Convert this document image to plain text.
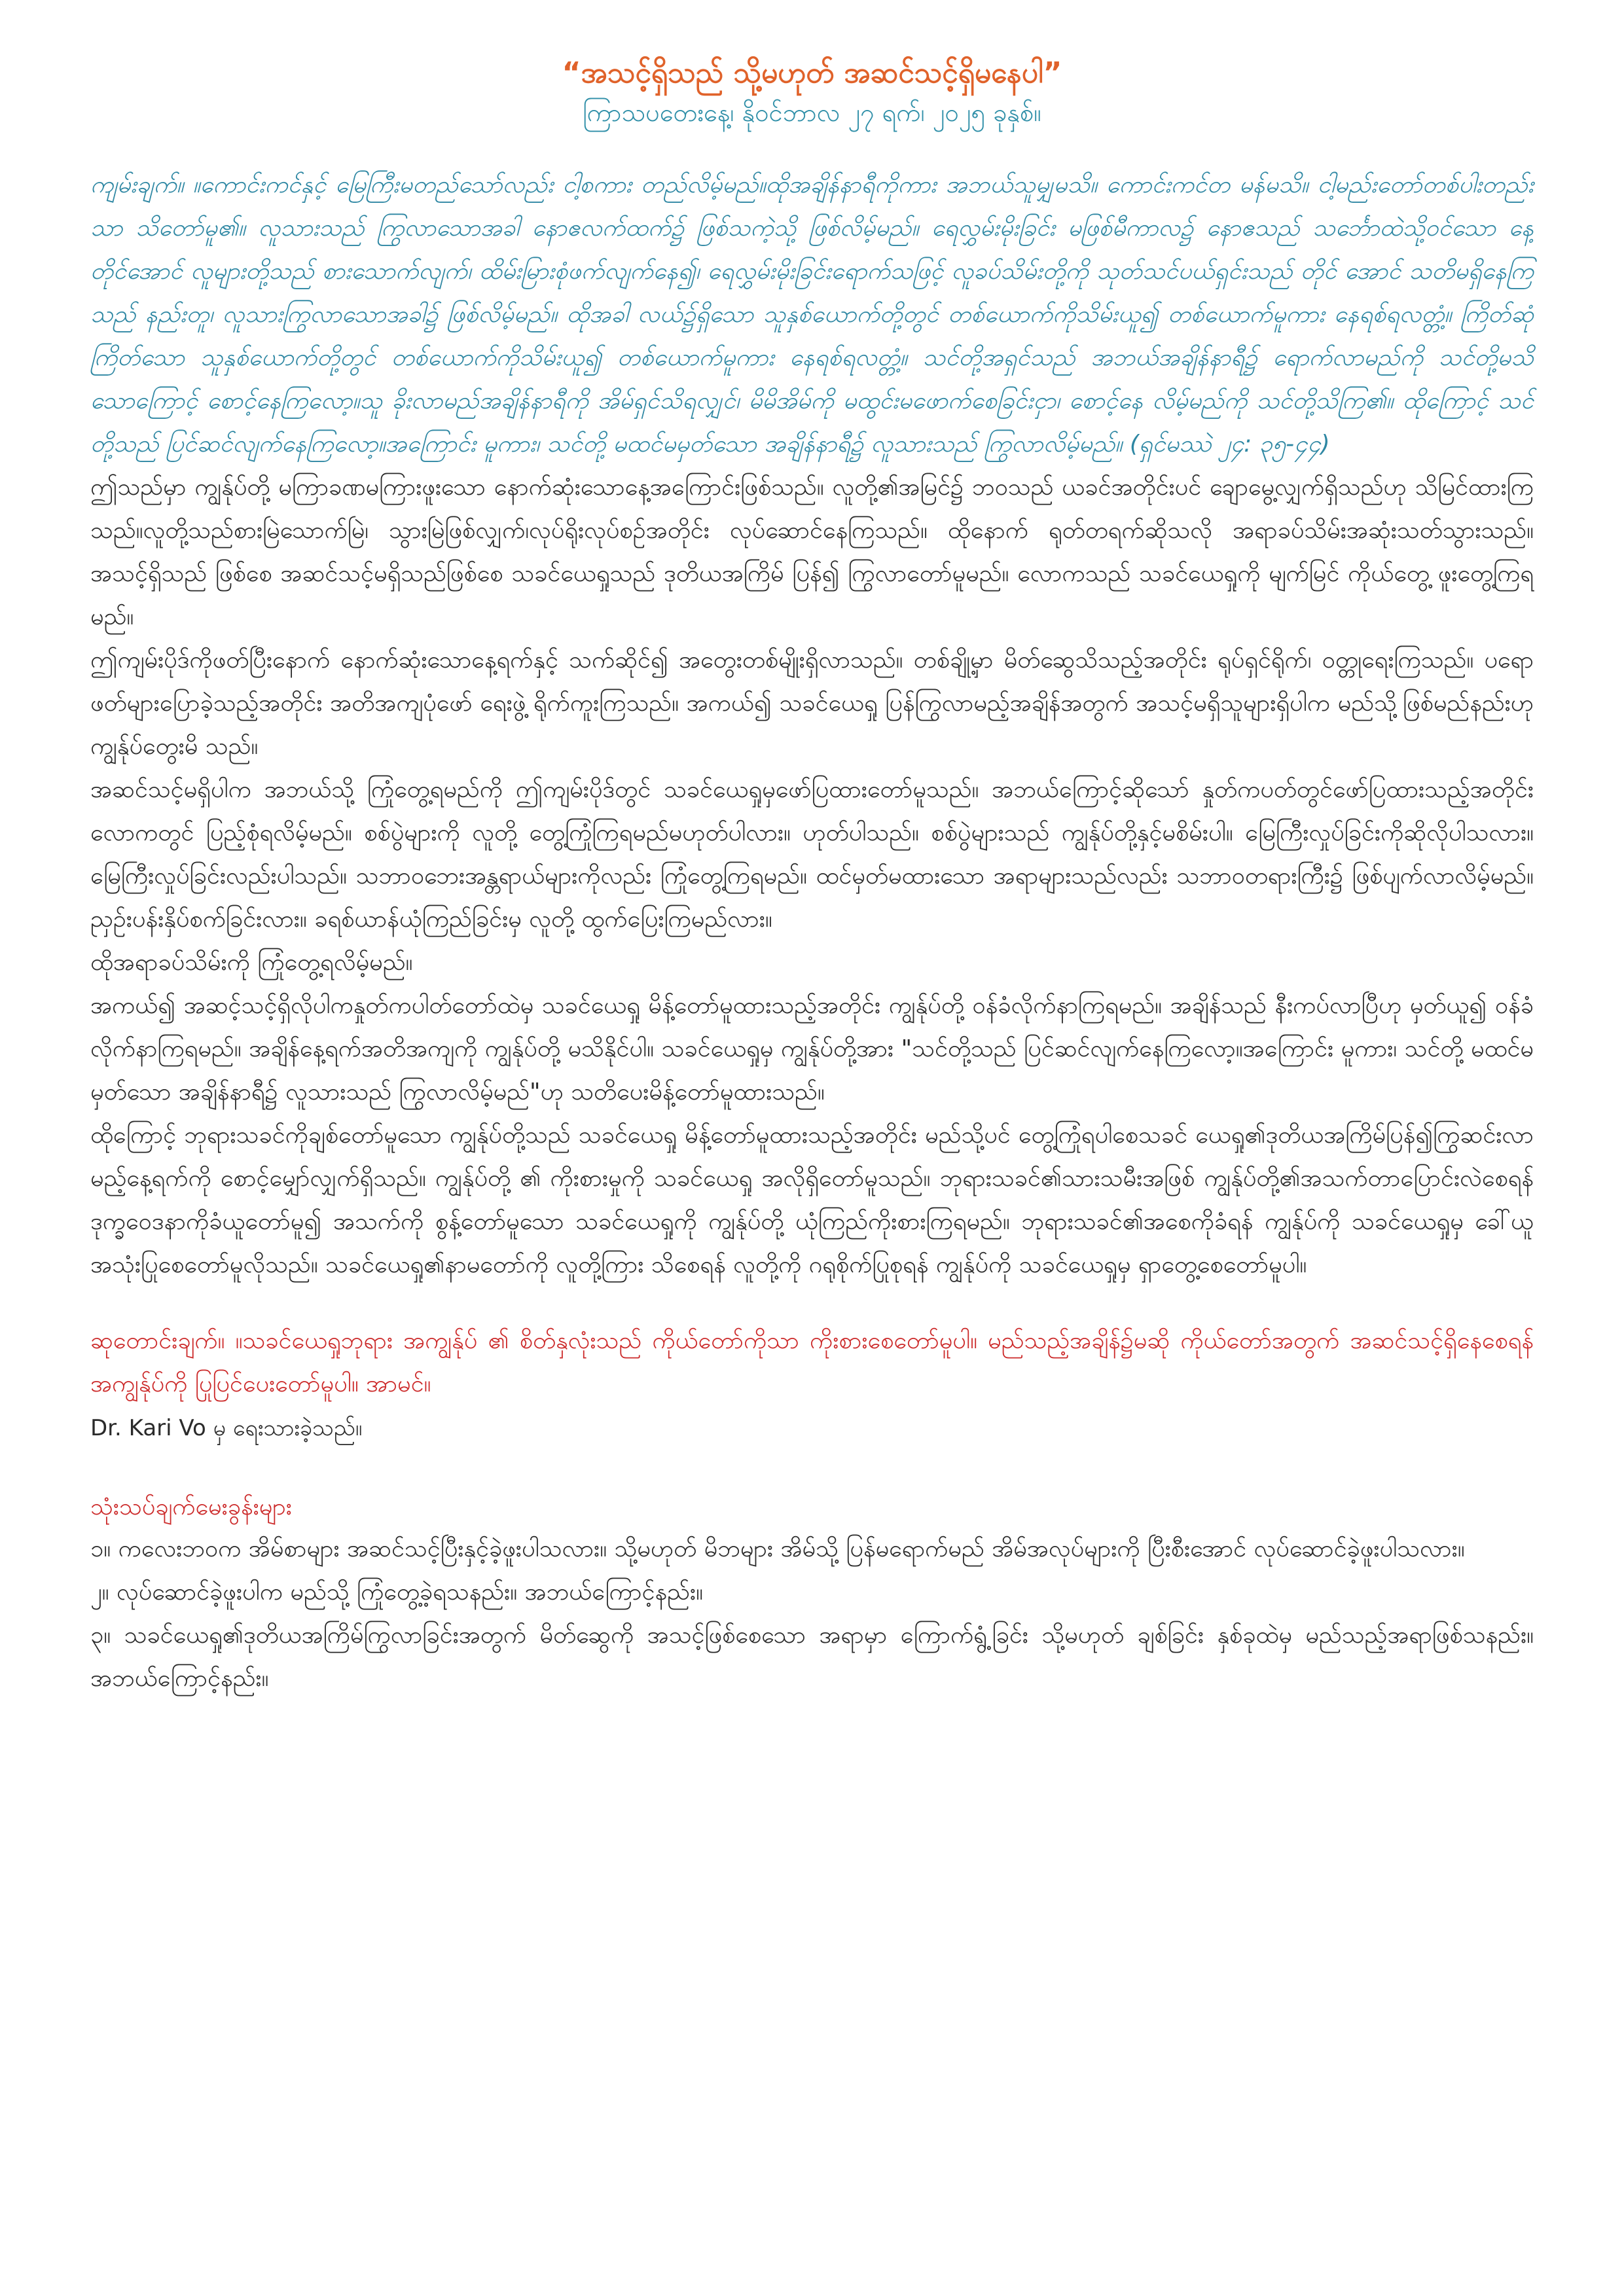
“အသင့်ရှိသည် သို့မဟုတ် အဆင်သင့်ရှိမနေပါ”

ကြာသပတေးနေ့၊ နိုဝင်ဘာလ ၂၇ ရက်၊ ၂၀၂၅ ခုနှစ်။

ကျမ်းချက်။ ။ကောင်းကင်နှင့် မြေကြီးမတည်သော်လည်း ငါ့စကား တည်လိမ့်မည်။ထိုအချိန်နာရီကိုကား အဘယ်သူမျှမသိ။ ကောင်းကင်တ မန်မသိ။ ငါ့မည်းတော်တစ်ပါးတည်းသာ သိတော်မူ၏။ လူသားသည် ကြွလာသောအခါ နောဧလက်ထက်၌ ဖြစ်သကဲ့သို့ ဖြစ်လိမ့်မည်။ ရေလွှမ်းမိုးခြင်း မဖြစ်မီကာလ၌ နောဧသည် သင်္ဘောထဲသို့ဝင်သော နေ့တိုင်အောင် လူများတို့သည် စားသောက်လျက်၊ ထိမ်းမြားစုံဖက်လျက်နေ၍၊ ရေလွှမ်းမိုးခြင်းရောက်သဖြင့် လူခပ်သိမ်းတို့ကို သုတ်သင်ပယ်ရှင်းသည် တိုင် အောင် သတိမရှိနေကြသည် နည်းတူ၊ လူသားကြွလာသောအခါ၌ ဖြစ်လိမ့်မည်။ ထိုအခါ လယ်၌ရှိသော သူနှစ်ယောက်တို့တွင် တစ်ယောက်ကိုသိမ်းယူ၍ တစ်ယောက်မူကား နေရစ်ရလတ္တံ့။ ကြိတ်ဆုံကြိတ်သော သူနှစ်ယောက်တို့တွင် တစ်ယောက်ကိုသိမ်းယူ၍ တစ်ယောက်မူကား နေရစ်ရလတ္တံ့။ သင်တို့အရှင်သည် အဘယ်အချိန်နာရီ၌ ရောက်လာမည်ကို သင်တို့မသိသောကြောင့် စောင့်နေကြလော့။သူ ခိုးလာမည်အချိန်နာရီကို အိမ်ရှင်သိရလျှင်၊ မိမိအိမ်ကို မထွင်းမဖောက်စေခြင်းငှာ၊ စောင့်နေ လိမ့်မည်ကို သင်တို့သိကြ၏။ ထိုကြောင့် သင်တို့သည် ပြင်ဆင်လျက်နေကြလော့။အကြောင်း မူကား၊ သင်တို့ မထင်မမှတ်သော အချိန်နာရီ၌ လူသားသည် ကြွလာလိမ့်မည်။ (ရှင်မဿဲ ၂၄: ၃၅-၄၄)

ဤသည်မှာ ကျွန်ုပ်တို့ မကြာခဏမကြားဖူးသော နောက်ဆုံးသောနေ့အကြောင်းဖြစ်သည်။ လူတို့၏အမြင်၌ ဘဝသည် ယခင်အတိုင်းပင် ချောမွေ့လျှက်ရှိသည်ဟု သိမြင်ထားကြသည်။လူတို့သည်စားမြဲသောက်မြဲ၊ သွားမြဲဖြစ်လျှက်၊လုပ်ရိုးလုပ်စဉ်အတိုင်း လုပ်ဆောင်နေကြသည်။ ထိုနောက် ရုတ်တရက်ဆိုသလို အရာခပ်သိမ်းအဆုံးသတ်သွားသည်။ အသင့်ရှိသည် ဖြစ်စေ အဆင်သင့်မရှိသည်ဖြစ်စေ သခင်ယေရှုသည် ဒုတိယအကြိမ် ပြန်၍ ကြွလာတော်မူမည်။ လောကသည် သခင်ယေရှုကို မျက်မြင် ကိုယ်တွေ့ ဖူးတွေ့ကြရမည်။

ဤကျမ်းပိုဒ်ကိုဖတ်ပြီးနောက် နောက်ဆုံးသောနေ့ရက်နှင့် သက်ဆိုင်၍ အတွေးတစ်မျိုးရှိလာသည်။ တစ်ချို့မှာ မိတ်ဆွေသိသည့်အတိုင်း ရုပ်ရှင်ရိုက်၊ ဝတ္တုရေးကြသည်။ ပရောဖတ်များပြောခဲ့သည့်အတိုင်း အတိအကျပုံဖော် ရေးဖွဲ့ ရိုက်ကူးကြသည်။ အကယ်၍ သခင်ယေရှု ပြန်ကြွလာမည့်အချိန်အတွက် အသင့်မရှိသူများရှိပါက မည်သို့ဖြစ်မည်နည်းဟု ကျွန်ုပ်တွေးမိ သည်။

အဆင်သင့်မရှိပါက အဘယ်သို့ ကြုံတွေ့ရမည်ကို ဤကျမ်းပိုဒ်တွင် သခင်ယေရှုမှဖော်ပြထားတော်မူသည်။ အဘယ်ကြောင့်ဆိုသော် နှုတ်ကပတ်တွင်ဖော်ပြထားသည့်အတိုင်း လောကတွင် ပြည့်စုံရလိမ့်မည်။ စစ်ပွဲများကို လူတို့ တွေ့ကြုံကြရမည်မဟုတ်ပါလား။ ဟုတ်ပါသည်။ စစ်ပွဲများသည် ကျွန်ုပ်တို့နှင့်မစိမ်းပါ။ မြေကြီးလှုပ်ခြင်းကိုဆိုလိုပါသလား။ မြေကြီးလှုပ်ခြင်းလည်းပါသည်။ သဘာဝဘေးအန္တရာယ်များကိုလည်း ကြုံတွေ့ကြရမည်။ ထင်မှတ်မထားသော အရာများသည်လည်း သဘာဝတရားကြီး၌ ဖြစ်ပျက်လာလိမ့်မည်။ ညှဉ်းပန်းနှိပ်စက်ခြင်းလား။ ခရစ်ယာန်ယုံကြည်ခြင်းမှ လူတို့ ထွက်ပြေးကြမည်လား။

ထိုအရာခပ်သိမ်းကို ကြုံတွေ့ရလိမ့်မည်။

အကယ်၍ အဆင့်သင့်ရှိလိုပါကနှုတ်ကပါတ်တော်ထဲမှ သခင်ယေရှု မိန့်တော်မူထားသည့်အတိုင်း ကျွန်ုပ်တို့ ဝန်ခံလိုက်နာကြရမည်။ အချိန်သည် နီးကပ်လာပြီဟု မှတ်ယူ၍ ဝန်ခံ လိုက်နာကြရမည်။ အချိန်နေ့ရက်အတိအကျကို ကျွန်ုပ်တို့ မသိနိုင်ပါ။ သခင်ယေရှုမှ ကျွန်ုပ်တို့အား "သင်တို့သည် ပြင်ဆင်လျက်နေကြလော့။အကြောင်း မူကား၊ သင်တို့ မထင်မမှတ်သော အချိန်နာရီ၌ လူသားသည် ကြွလာလိမ့်မည်"ဟု သတိပေးမိန့်တော်မူထားသည်။

ထိုကြောင့် ဘုရားသခင်ကိုချစ်တော်မူသော ကျွန်ုပ်တို့သည် သခင်ယေရှု မိန့်တော်မူထားသည့်အတိုင်း မည်သို့ပင် တွေ့ကြုံရပါစေသခင် ယေရှု၏ဒုတိယအကြိမ်ပြန်၍ကြွဆင်းလာမည့်နေ့ရက်ကို စောင့်မျှော်လျှက်ရှိသည်။ ကျွန်ုပ်တို့ ၏ ကိုးစားမှုကို သခင်ယေရှု အလိုရှိတော်မူသည်။ ဘုရားသခင်၏သားသမီးအဖြစ် ကျွန်ုပ်တို့၏အသက်တာပြောင်းလဲစေရန် ဒုက္ခဝေဒနာကိုခံယူတော်မူ၍ အသက်ကို စွန့်တော်မူသော သခင်ယေရှုကို ကျွန်ုပ်တို့ ယုံကြည်ကိုးစားကြရမည်။ ဘုရားသခင်၏အစေကိုခံရန် ကျွန်ုပ်ကို သခင်ယေရှုမှ ခေါ်ယူအသုံးပြုစေတော်မူလိုသည်။ သခင်ယေရှု၏နာမတော်ကို လူတို့ကြား သိစေရန် လူတို့ကို ဂရုစိုက်ပြုစုရန် ကျွန်ုပ်ကို သခင်ယေရှုမှ ရှာတွေ့စေတော်မူပါ။

ဆုတောင်းချက်။ ။သခင်ယေရှုဘုရား အကျွန်ုပ် ၏ စိတ်နှလုံးသည် ကိုယ်တော်ကိုသာ ကိုးစားစေတော်မူပါ။ မည်သည့်အချိန်၌မဆို ကိုယ်တော်အတွက် အဆင်သင့်ရှိနေစေရန် အကျွန်ုပ်ကို ပြုပြင်ပေးတော်မူပါ။ အာမင်။

Dr. Kari Vo မှ ရေးသားခဲ့သည်။

သုံးသပ်ချက်မေးခွန်းများ

၁။ ကလေးဘဝက အိမ်စာများ အဆင်သင့်ပြီးနှင့်ခဲ့ဖူးပါသလား။ သို့မဟုတ် မိဘများ အိမ်သို့ ပြန်မရောက်မည် အိမ်အလုပ်များကို ပြီးစီးအောင် လုပ်ဆောင်ခဲ့ဖူးပါသလား။

၂။ လုပ်ဆောင်ခဲ့ဖူးပါက မည်သို့ ကြုံတွေ့ခဲ့ရသနည်း။ အဘယ်ကြောင့်နည်း။

၃။ သခင်ယေရှု၏ဒုတိယအကြိမ်ကြွလာခြင်းအတွက် မိတ်ဆွေကို အသင့်ဖြစ်စေသော အရာမှာ ကြောက်ရွံ့ခြင်း သို့မဟုတ် ချစ်ခြင်း နှစ်ခုထဲမှ မည်သည့်အရာဖြစ်သနည်း။ အဘယ်ကြောင့်နည်း။
